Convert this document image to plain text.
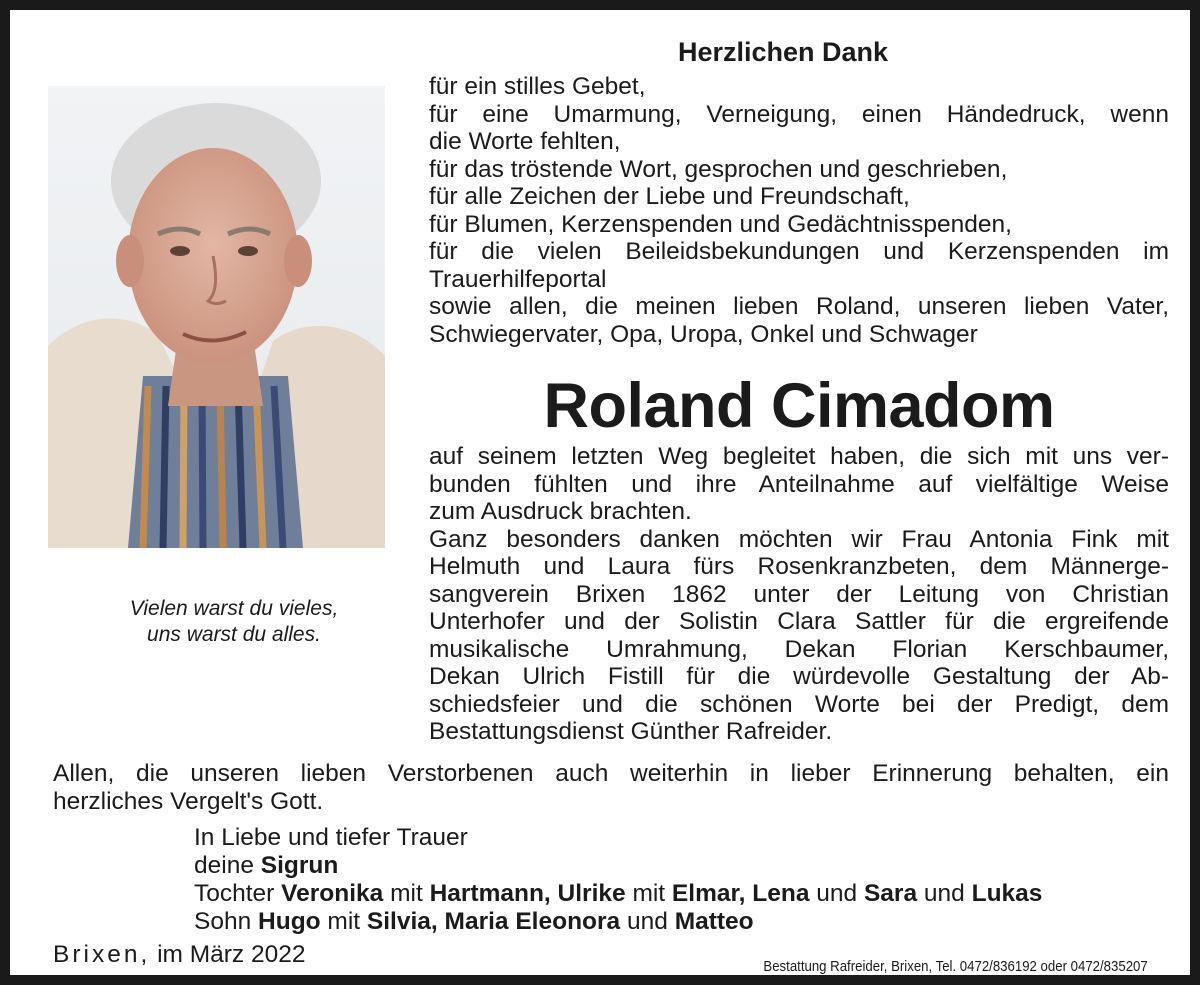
Herzlichen Dank
Vielen warst du vieles,
uns warst du alles.
für ein stilles Gebet,
für eine Umarmung, Verneigung, einen Händedruck, wenn
die Worte fehlten,
für das tröstende Wort, gesprochen und geschrieben,
für alle Zeichen der Liebe und Freundschaft,
für Blumen, Kerzenspenden und Gedächtnisspenden,
für die vielen Beileidsbekundungen und Kerzenspenden im
Trauerhilfeportal
sowie allen, die meinen lieben Roland, unseren lieben Vater,
Schwiegervater, Opa, Uropa, Onkel und Schwager
Roland Cimadom
auf seinem letzten Weg begleitet haben, die sich mit uns ver-
bunden fühlten und ihre Anteilnahme auf vielfältige Weise
zum Ausdruck brachten.
Ganz besonders danken möchten wir Frau Antonia Fink mit
Helmuth und Laura fürs Rosenkranzbeten, dem Männerge-
sangverein Brixen 1862 unter der Leitung von Christian
Unterhofer und der Solistin Clara Sattler für die ergreifende
musikalische Umrahmung, Dekan Florian Kerschbaumer,
Dekan Ulrich Fistill für die würdevolle Gestaltung der Ab-
schiedsfeier und die schönen Worte bei der Predigt, dem
Bestattungsdienst Günther Rafreider.
Allen, die unseren lieben Verstorbenen auch weiterhin in lieber Erinnerung behalten, ein
herzliches Vergelt's Gott.
In Liebe und tiefer Trauer
deine Sigrun
Tochter Veronika mit Hartmann, Ulrike mit Elmar, Lena und Sara und Lukas
Sohn Hugo mit Silvia, Maria Eleonora und Matteo
Brixen, im März 2022	Bestattung Rafreider, Brixen, Tel. 0472/836192 oder 0472/835207
